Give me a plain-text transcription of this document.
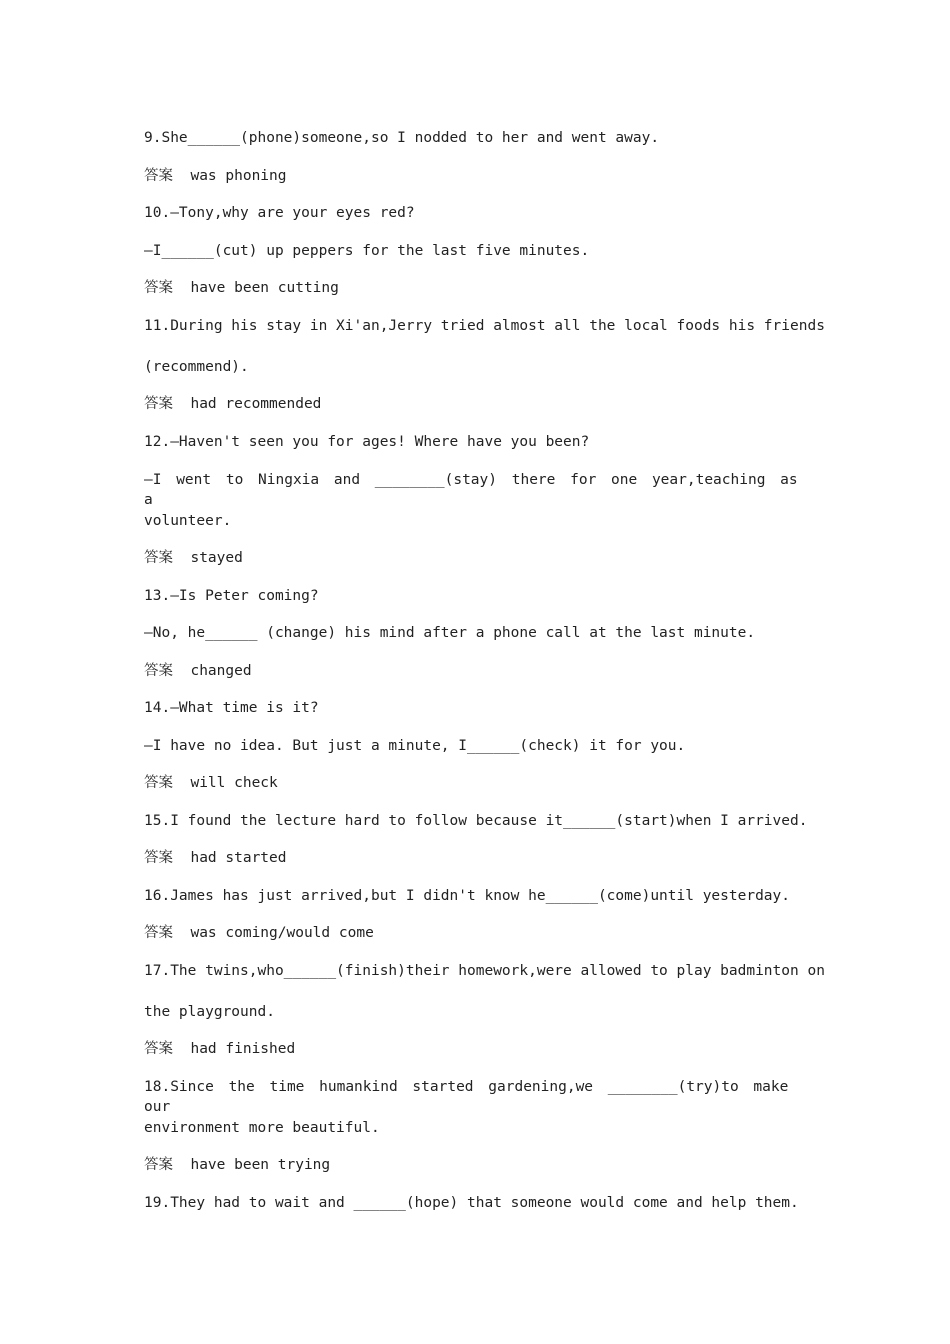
9.She______(phone)someone,so I nodded to her and went away.

答案 was phoning

10.—Tony,why are your eyes red?

—I______(cut) up peppers for the last five minutes.

答案 have been cutting

11.During his stay in Xi'an,Jerry tried almost all the local foods his friends

(recommend).

答案 had recommended

12.—Haven't seen you for ages! Where have you been?

—I went to Ningxia and ________(stay) there for one year,teaching as a

volunteer.

答案 stayed

13.—Is Peter coming?

—No, he______ (change) his mind after a phone call at the last minute.

答案 changed

14.—What time is it?

—I have no idea. But just a minute, I______(check) it for you.

答案 will check

15.I found the lecture hard to follow because it______(start)when I arrived.

答案 had started

16.James has just arrived,but I didn't know he______(come)until yesterday.

答案 was coming/would come

17.The twins,who______(finish)their homework,were allowed to play badminton on

the playground.

答案 had finished

18.Since the time humankind started gardening,we ________(try)to make our

environment more beautiful.

答案 have been trying

19.They had to wait and ______(hope) that someone would come and help them.
